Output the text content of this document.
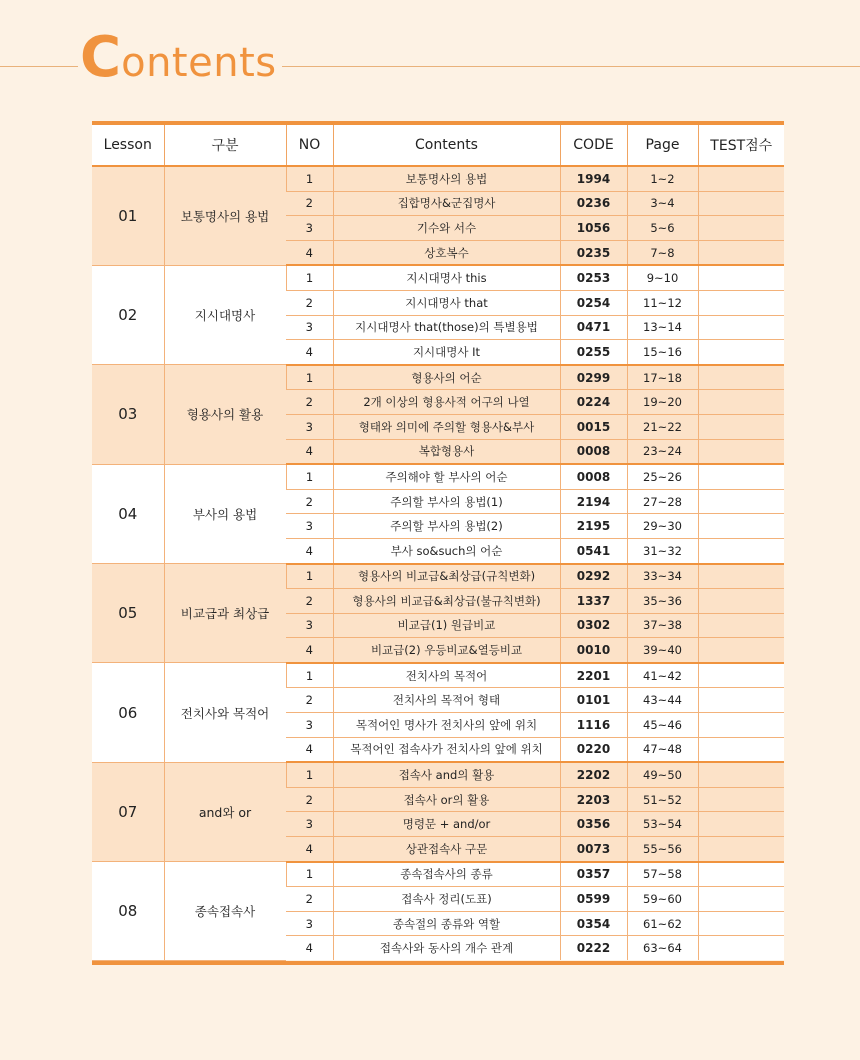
Contents
Lesson	구분	NO	Contents	CODE	Page	TEST점수
01	보통명사의 용법	1	보통명사의 용법	1994	1~2	
		2	집합명사&군집명사	0236	3~4	
		3	기수와 서수	1056	5~6	
		4	상호복수	0235	7~8	
02	지시대명사	1	지시대명사 this	0253	9~10	
		2	지시대명사 that	0254	11~12	
		3	지시대명사 that(those)의 특별용법	0471	13~14	
		4	지시대명사 It	0255	15~16	
03	형용사의 활용	1	형용사의 어순	0299	17~18	
		2	2개 이상의 형용사적 어구의 나열	0224	19~20	
		3	형태와 의미에 주의할 형용사&부사	0015	21~22	
		4	복합형용사	0008	23~24	
04	부사의 용법	1	주의해야 할 부사의 어순	0008	25~26	
		2	주의할 부사의 용법(1)	2194	27~28	
		3	주의할 부사의 용법(2)	2195	29~30	
		4	부사 so&such의 어순	0541	31~32	
05	비교급과 최상급	1	형용사의 비교급&최상급(규칙변화)	0292	33~34	
		2	형용사의 비교급&최상급(불규칙변화)	1337	35~36	
		3	비교급(1) 원급비교	0302	37~38	
		4	비교급(2) 우등비교&열등비교	0010	39~40	
06	전치사와 목적어	1	전치사의 목적어	2201	41~42	
		2	전치사의 목적어 형태	0101	43~44	
		3	목적어인 명사가 전치사의 앞에 위치	1116	45~46	
		4	목적어인 접속사가 전치사의 앞에 위치	0220	47~48	
07	and와 or	1	접속사 and의 활용	2202	49~50	
		2	접속사 or의 활용	2203	51~52	
		3	명령문 + and/or	0356	53~54	
		4	상관접속사 구문	0073	55~56	
08	종속접속사	1	종속접속사의 종류	0357	57~58	
		2	접속사 정리(도표)	0599	59~60	
		3	종속절의 종류와 역할	0354	61~62	
		4	접속사와 동사의 개수 관계	0222	63~64	
